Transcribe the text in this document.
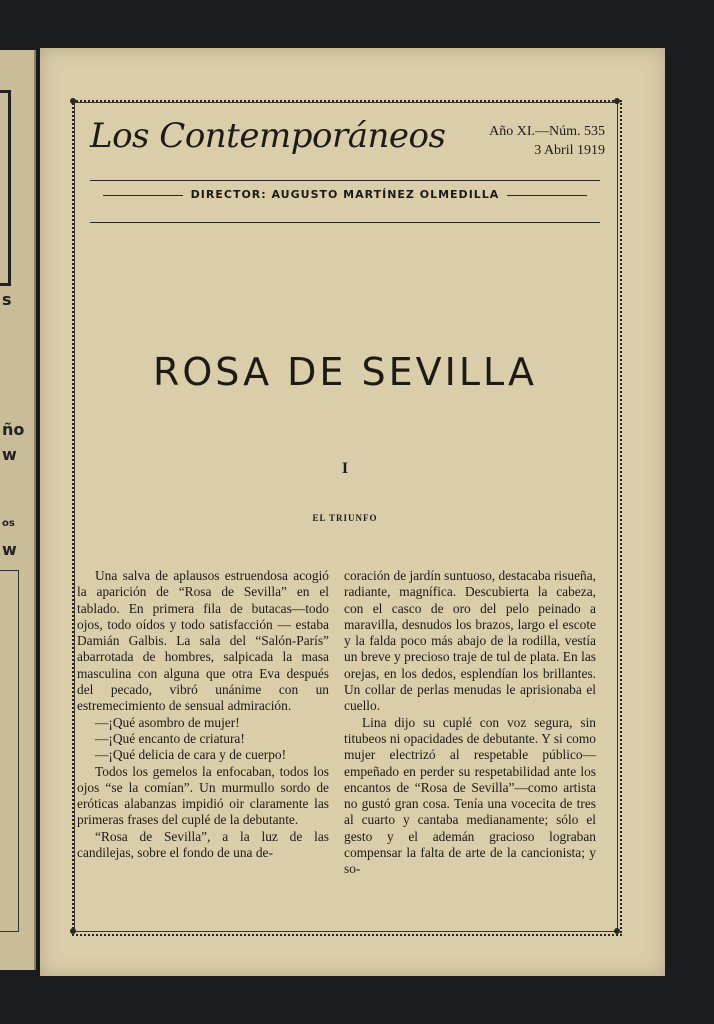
s
ño
w
os
w
Los Contemporáneos	Año XI.—Núm. 535
3 Abril 1919
DIRECTOR: AUGUSTO MARTÍNEZ OLMEDILLA
ROSA DE SEVILLA
I
EL TRIUNFO

Una salva de aplausos estruendosa acogió la aparición de “Rosa de Sevilla” en el tablado. En primera fila de butacas—todo ojos, todo oídos y todo satisfacción — estaba Damián Galbis. La sala del “Salón-París” abarrotada de hombres, salpicada la masa masculina con alguna que otra Eva después del pecado, vibró unánime con un estremecimiento de sensual admiración.

—¡Qué asombro de mujer!

—¡Qué encanto de criatura!

—¡Qué delicia de cara y de cuerpo!

Todos los gemelos la enfocaban, todos los ojos “se la comían”. Un murmullo sordo de eróticas alabanzas impidió oir claramente las primeras frases del cuplé de la debutante.

“Rosa de Sevilla”, a la luz de las candilejas, sobre el fondo de una de-

coración de jardín suntuoso, destacaba risueña, radiante, magnífica. Descubierta la cabeza, con el casco de oro del pelo peinado a maravilla, desnudos los brazos, largo el escote y la falda poco más abajo de la rodilla, vestía un breve y precioso traje de tul de plata. En las orejas, en los dedos, esplendían los brillantes. Un collar de perlas menudas le aprisionaba el cuello.

Lina dijo su cuplé con voz segura, sin titubeos ni opacidades de debutante. Y si como mujer electrizó al respetable público—empeñado en perder su respetabilidad ante los encantos de “Rosa de Sevilla”—como artista no gustó gran cosa. Tenía una vocecita de tres al cuarto y cantaba medianamente; sólo el gesto y el ademán gracioso lograban compensar la falta de arte de la cancionista; y so-
